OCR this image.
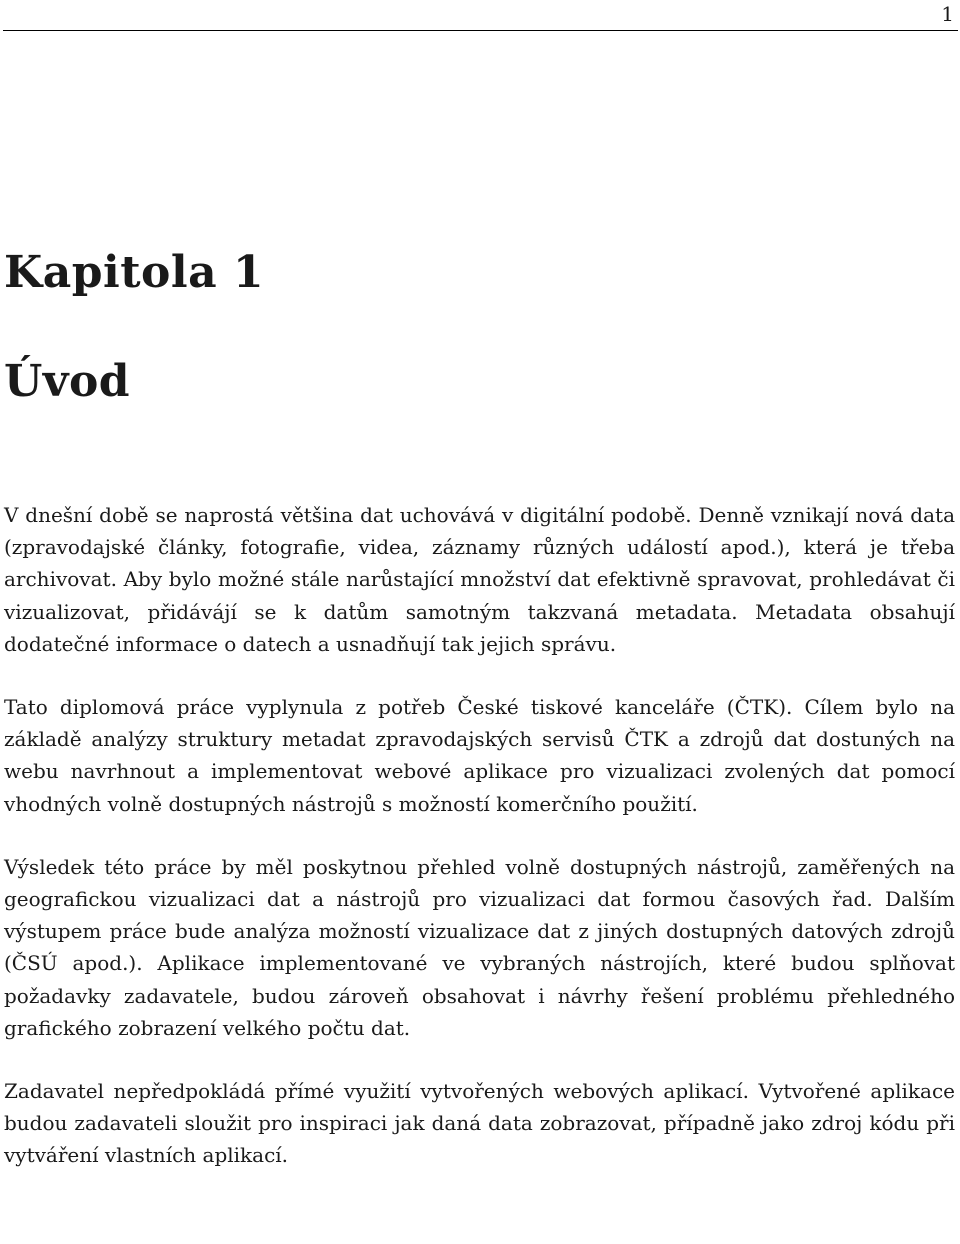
1
Kapitola 1
Úvod

V dnešní době se naprostá většina dat uchovává v digitální podobě. Denně vznikají nová data (zpravodajské články, fotografie, videa, záznamy různých událostí apod.), která je třeba archivovat. Aby bylo možné stále narůstající množství dat efektivně spravovat, prohledávat či vizualizovat, přidávájí se k datům samotným takzvaná metadata. Metadata obsahují dodatečné informace o datech a usnadňují tak jejich správu.

Tato diplomová práce vyplynula z potřeb České tiskové kanceláře (ČTK). Cílem bylo na základě analýzy struktury metadat zpravodajských servisů ČTK a zdrojů dat dostuných na webu navrhnout a implementovat webové aplikace pro vizualizaci zvolených dat pomocí vhodných volně dostupných nástrojů s možností komerčního použití.

Výsledek této práce by měl poskytnou přehled volně dostupných nástrojů, zaměřených na geografickou vizualizaci dat a nástrojů pro vizualizaci dat formou časových řad. Dalším výstupem práce bude analýza možností vizualizace dat z jiných dostupných datových zdrojů (ČSÚ apod.). Aplikace implementované ve vybraných nástrojích, které budou splňovat požadavky zadavatele, budou zároveň obsahovat i návrhy řešení problému přehledného grafického zobrazení velkého počtu dat.

Zadavatel nepředpokládá přímé využití vytvořených webových aplikací. Vytvořené aplikace budou zadavateli sloužit pro inspiraci jak daná data zobrazovat, případně jako zdroj kódu při vytváření vlastních aplikací.
